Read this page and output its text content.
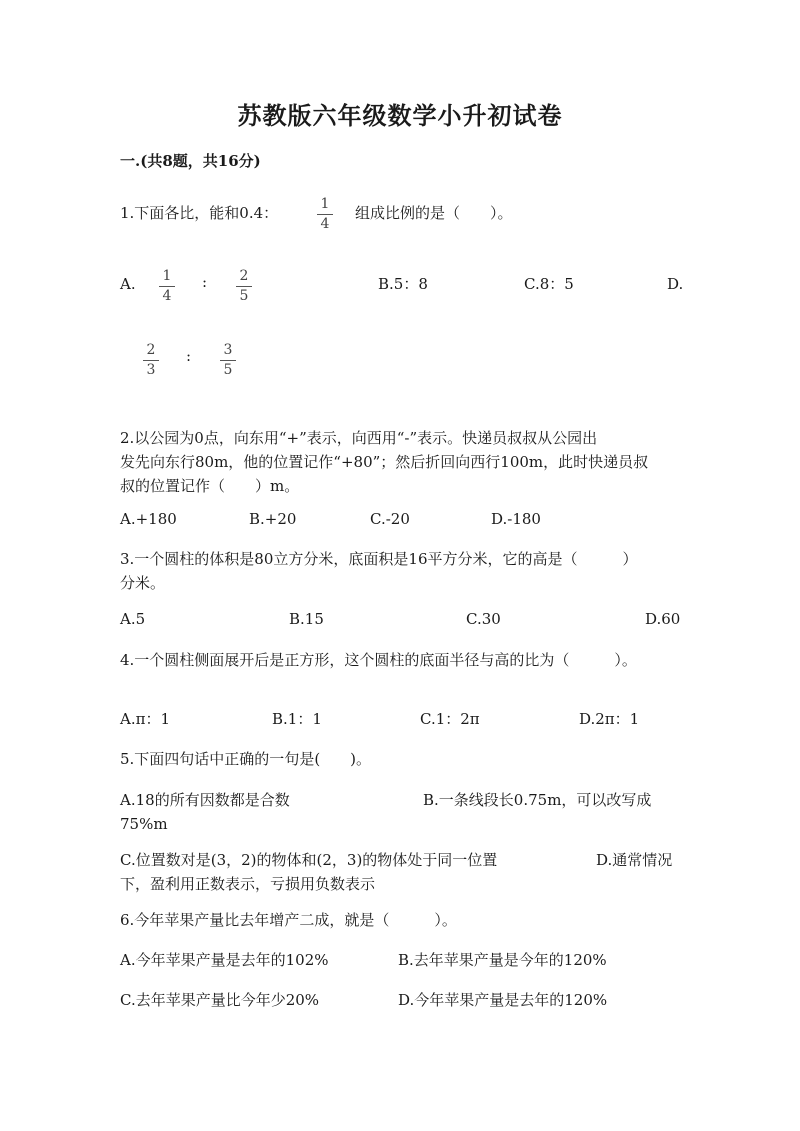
苏教版六年级数学小升初试卷
一.(共8题，共16分)
1.下面各比，能和0.4：	1
4
组成比例的是（　　）。
A.	1
4
:	2
5
B.5：8	C.8：5	D.
2
3
:	3
5
2.以公园为0点，向东用“+”表示，向西用“-”表示。快递员叔叔从公园出
发先向东行80m，他的位置记作“+80”；然后折回向西行100m，此时快递员叔
叔的位置记作（　　）m。
A.+180	B.+20	C.-20	D.-180
3.一个圆柱的体积是80立方分米，底面积是16平方分米，它的高是（　　　）
分米。
A.5	B.15	C.30	D.60
4.一个圆柱侧面展开后是正方形，这个圆柱的底面半径与高的比为（　　　）。
A.π：1	B.1：1	C.1：2π	D.2π：1
5.下面四句话中正确的一句是(　　)。
A.18的所有因数都是合数	B.一条线段长0.75m，可以改写成
75%m
C.位置数对是(3，2)的物体和(2，3)的物体处于同一位置	D.通常情况
下，盈利用正数表示，亏损用负数表示
6.今年苹果产量比去年增产二成，就是（　　　）。
A.今年苹果产量是去年的102%	B.去年苹果产量是今年的120%
C.去年苹果产量比今年少20%	D.今年苹果产量是去年的120%
